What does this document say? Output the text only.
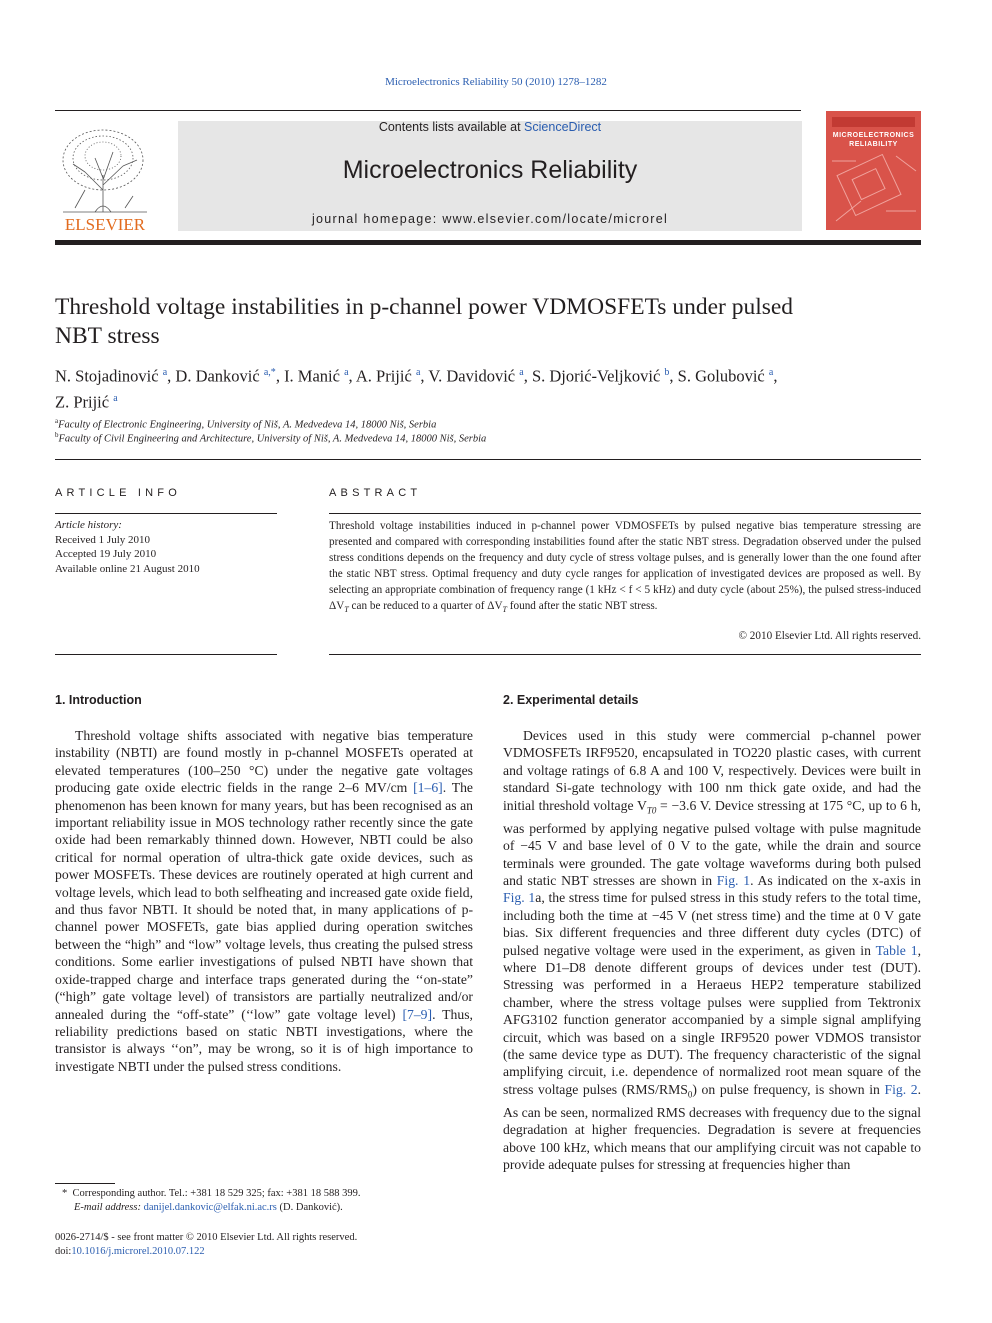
Microelectronics Reliability 50 (2010) 1278–1282
ELSEVIER
Contents lists available at ScienceDirect
Microelectronics Reliability
journal homepage: www.elsevier.com/locate/microrel
MICROELECTRONICS
RELIABILITY
Threshold voltage instabilities in p-channel power VDMOSFETs under pulsed
NBT stress
N. Stojadinović $^a$, D. Danković $^{a,*}$, I. Manić $^a$, A. Prijić $^a$, V. Davidović $^a$, S. Djorić-Veljković $^b$, S. Golubović $^a$,
Z. Prijić $^a$
$^a$Faculty of Electronic Engineering, University of Niš, A. Medvedeva 14, 18000 Niš, Serbia
$^b$Faculty of Civil Engineering and Architecture, University of Niš, A. Medvedeva 14, 18000 Niš, Serbia
ARTICLE INFO
Article history:
Received 1 July 2010
Accepted 19 July 2010
Available online 21 August 2010
ABSTRACT
Threshold voltage instabilities induced in p-channel power VDMOSFETs by pulsed negative bias temperature stressing are presented and compared with corresponding instabilities found after the static NBT stress. Degradation observed under the pulsed stress conditions depends on the frequency and duty cycle of stress voltage pulses, and is generally lower than the one found after the static NBT stress. Optimal frequency and duty cycle ranges for application of investigated devices are proposed as well. By selecting an appropriate combination of frequency range (1 kHz < f < 5 kHz) and duty cycle (about 25%), the pulsed stress-induced $\Delta V_T$ can be reduced to a quarter of $\Delta V_T$ found after the static NBT stress.
© 2010 Elsevier Ltd. All rights reserved.
1. Introduction

Threshold voltage shifts associated with negative bias temperature instability (NBTI) are found mostly in p-channel MOSFETs operated at elevated temperatures (100–250 °C) under the negative gate voltages producing gate oxide electric fields in the range 2–6 MV/cm [1–6]. The phenomenon has been known for many years, but has been recognised as an important reliability issue in MOS technology rather recently since the gate oxide had been remarkably thinned down. However, NBTI could be also critical for normal operation of ultra-thick gate oxide devices, such as power MOSFETs. These devices are routinely operated at high current and voltage levels, which lead to both selfheating and increased gate oxide field, and thus favor NBTI. It should be noted that, in many applications of p-channel power MOSFETs, gate bias applied during operation switches between the “high” and “low” voltage levels, thus creating the pulsed stress conditions. Some earlier investigations of pulsed NBTI have shown that oxide-trapped charge and interface traps generated during the ‘‘on-state” (“high” gate voltage level) of transistors are partially neutralized and/or annealed during the “off-state” (‘‘low” gate voltage level) [7–9]. Thus, reliability predictions based on static NBTI investigations, where the transistor is always ‘‘on”, may be wrong, so it is of high importance to investigate NBTI under the pulsed stress conditions.

* Corresponding author. Tel.: +381 18 529 325; fax: +381 18 588 399.
E-mail address: danijel.dankovic@elfak.ni.ac.rs (D. Danković).
0026-2714/$ - see front matter © 2010 Elsevier Ltd. All rights reserved.
doi:10.1016/j.microrel.2010.07.122
2. Experimental details

Devices used in this study were commercial p-channel power VDMOSFETs IRF9520, encapsulated in TO220 plastic cases, with current and voltage ratings of 6.8 A and 100 V, respectively. Devices were built in standard Si-gate technology with 100 nm thick gate oxide, and had the initial threshold voltage $V_{T0} = -3.6$ V. Device stressing at 175 °C, up to 6 h, was performed by applying negative pulsed voltage with pulse magnitude of −45 V and base level of 0 V to the gate, while the drain and source terminals were grounded. The gate voltage waveforms during both pulsed and static NBT stresses are shown in Fig. 1. As indicated on the x-axis in Fig. 1a, the stress time for pulsed stress in this study refers to the total time, including both the time at −45 V (net stress time) and the time at 0 V gate bias. Six different frequencies and three different duty cycles (DTC) of pulsed negative voltage were used in the experiment, as given in Table 1, where D1–D8 denote different groups of devices under test (DUT). Stressing was performed in a Heraeus HEP2 temperature stabilized chamber, where the stress voltage pulses were supplied from Tektronix AFG3102 function generator accompanied by a simple signal amplifying circuit, which was based on a single IRF9520 power VDMOS transistor (the same device type as DUT). The frequency characteristic of the signal amplifying circuit, i.e. dependence of normalized root mean square of the stress voltage pulses $(RMS/RMS_0)$ on pulse frequency, is shown in Fig. 2. As can be seen, normalized RMS decreases with frequency due to the signal degradation at higher frequencies. Degradation is severe at frequencies above 100 kHz, which means that our amplifying circuit was not capable to provide adequate pulses for stressing at frequencies higher than
